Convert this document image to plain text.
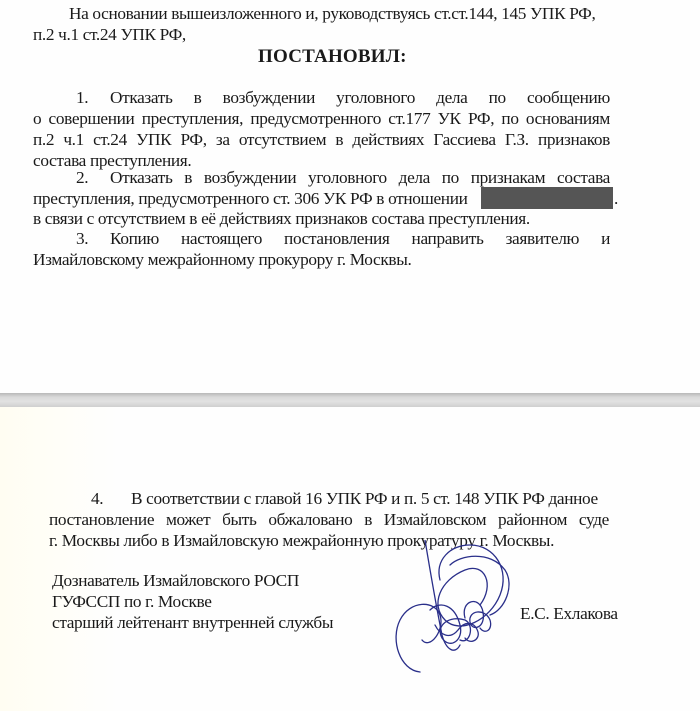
На основании вышеизложенного и, руководствуясь ст.ст.144, 145 УПК РФ,
п.2 ч.1 ст.24 УПК РФ,
ПОСТАНОВИЛ:
1. Отказать в возбуждении уголовного дела по сообщению
о совершении преступления, предусмотренного ст.177 УК РФ, по основаниям
п.2 ч.1 ст.24 УПК РФ, за отсутствием в действиях Гассиева Г.З. признаков
состава преступления.
2. Отказать в возбуждении уголовного дела по признакам состава
преступления, предусмотренного ст. 306 УК РФ в отношении	.
в связи с отсутствием в её действиях признаков состава преступления.
3. Копию настоящего постановления направить заявителю и
Измайловскому межрайонному прокурору г. Москвы.
4. В соответствии с главой 16 УПК РФ и п. 5 ст. 148 УПК РФ данное
постановление может быть обжаловано в Измайловском районном суде
г. Москвы либо в Измайловскую межрайонную прокуратуру г. Москвы.
Дознаватель Измайловского РОСП
ГУФССП по г. Москве
старший лейтенант внутренней службы	Е.С. Ехлакова
